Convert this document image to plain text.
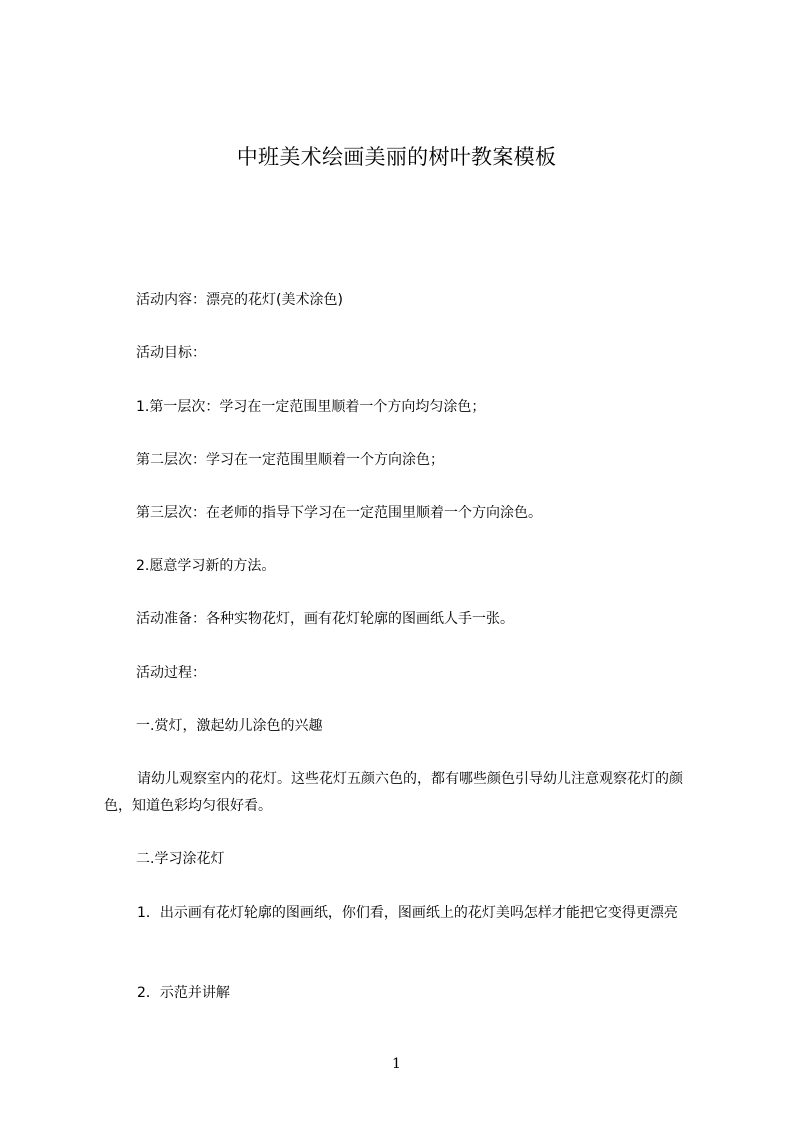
中班美术绘画美丽的树叶教案模板

活动内容：漂亮的花灯(美术涂色)

活动目标：

1.第一层次：学习在一定范围里顺着一个方向均匀涂色；

第二层次：学习在一定范围里顺着一个方向涂色；

第三层次：在老师的指导下学习在一定范围里顺着一个方向涂色。

2.愿意学习新的方法。

活动准备：各种实物花灯，画有花灯轮廓的图画纸人手一张。

活动过程：

一.赏灯，激起幼儿涂色的兴趣

请幼儿观察室内的花灯。这些花灯五颜六色的，都有哪些颜色引导幼儿注意观察花灯的颜色，知道色彩均匀很好看。

二.学习涂花灯

1．出示画有花灯轮廓的图画纸，你们看，图画纸上的花灯美吗怎样才能把它变得更漂亮

2．示范并讲解

1
